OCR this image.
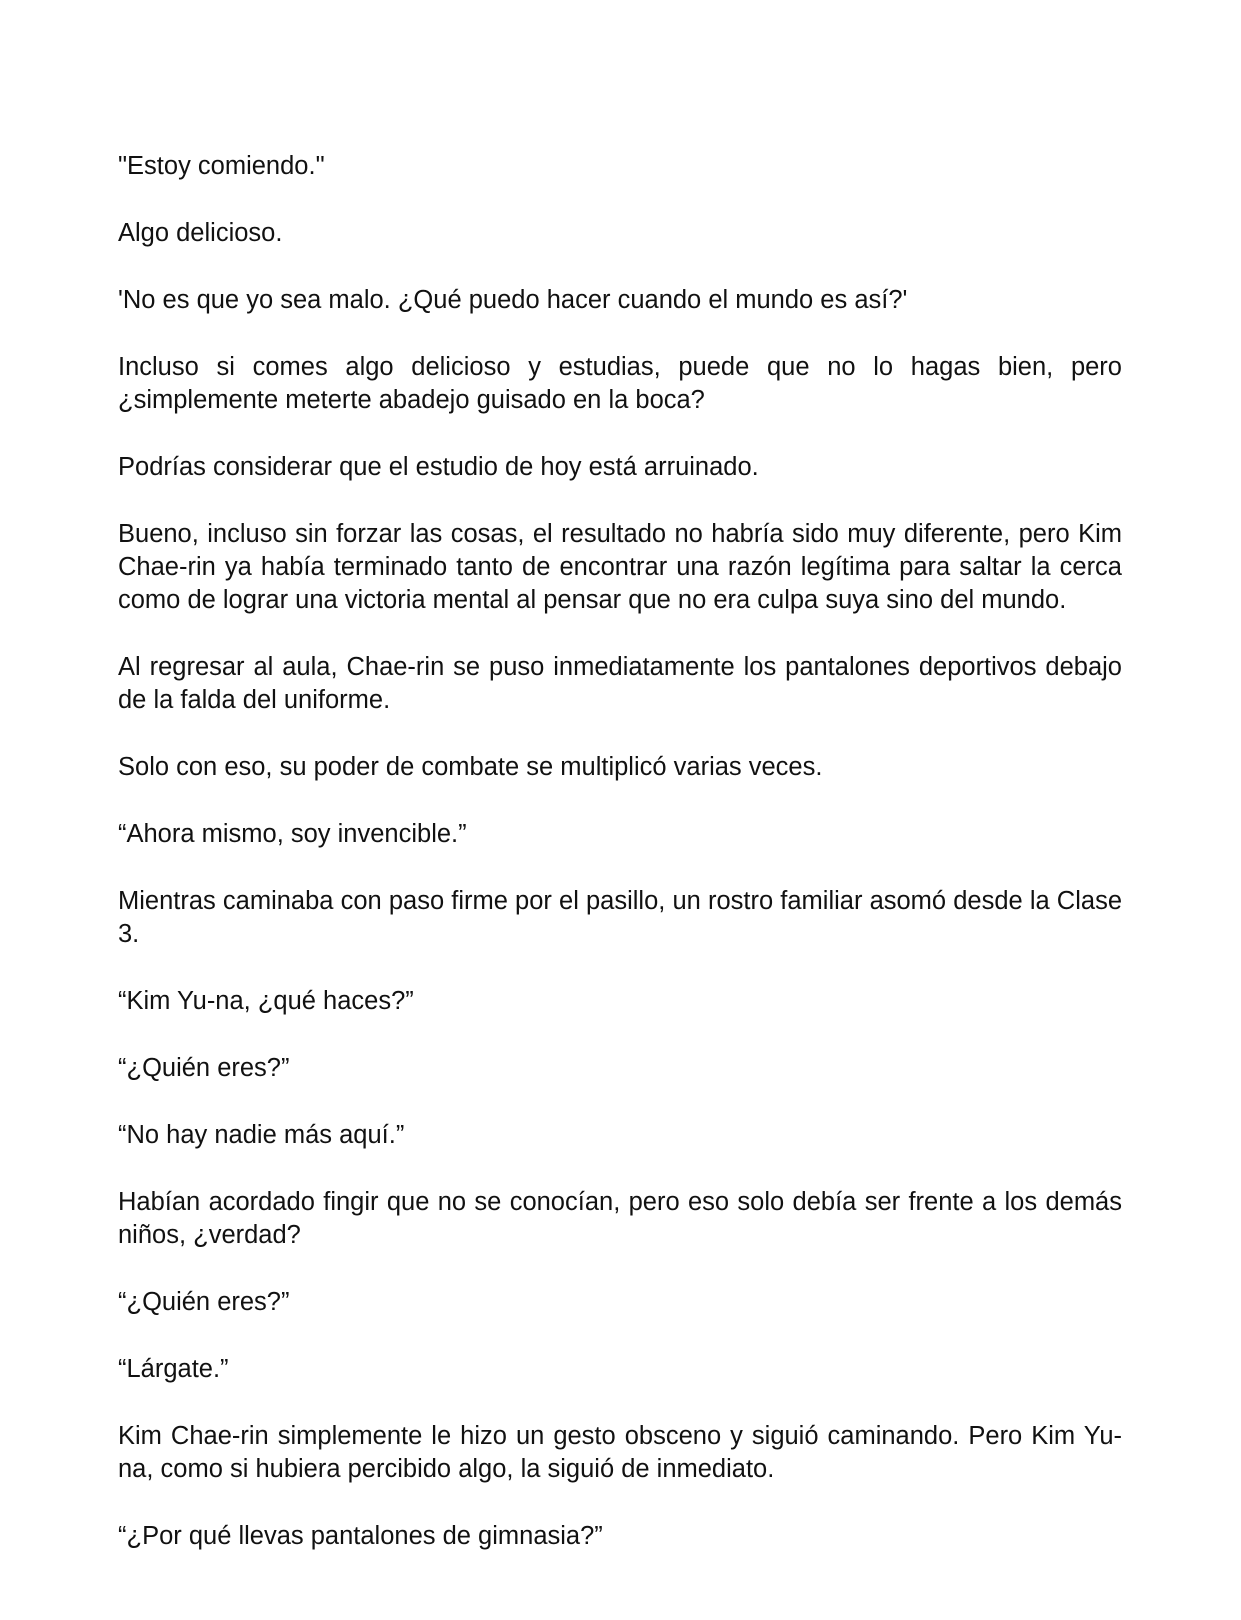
"Estoy comiendo."

Algo delicioso.

'No es que yo sea malo. ¿Qué puedo hacer cuando el mundo es así?'

Incluso si comes algo delicioso y estudias, puede que no lo hagas bien, pero ¿simplemente meterte abadejo guisado en la boca?

Podrías considerar que el estudio de hoy está arruinado.

Bueno, incluso sin forzar las cosas, el resultado no habría sido muy diferente, pero Kim Chae-rin ya había terminado tanto de encontrar una razón legítima para saltar la cerca como de lograr una victoria mental al pensar que no era culpa suya sino del mundo.

Al regresar al aula, Chae-rin se puso inmediatamente los pantalones deportivos debajo de la falda del uniforme.

Solo con eso, su poder de combate se multiplicó varias veces.

“Ahora mismo, soy invencible.”

Mientras caminaba con paso firme por el pasillo, un rostro familiar asomó desde la Clase 3.

“Kim Yu-na, ¿qué haces?”

“¿Quién eres?”

“No hay nadie más aquí.”

Habían acordado fingir que no se conocían, pero eso solo debía ser frente a los demás niños, ¿verdad?

“¿Quién eres?”

“Lárgate.”

Kim Chae-rin simplemente le hizo un gesto obsceno y siguió caminando. Pero Kim Yu-na, como si hubiera percibido algo, la siguió de inmediato.

“¿Por qué llevas pantalones de gimnasia?”
